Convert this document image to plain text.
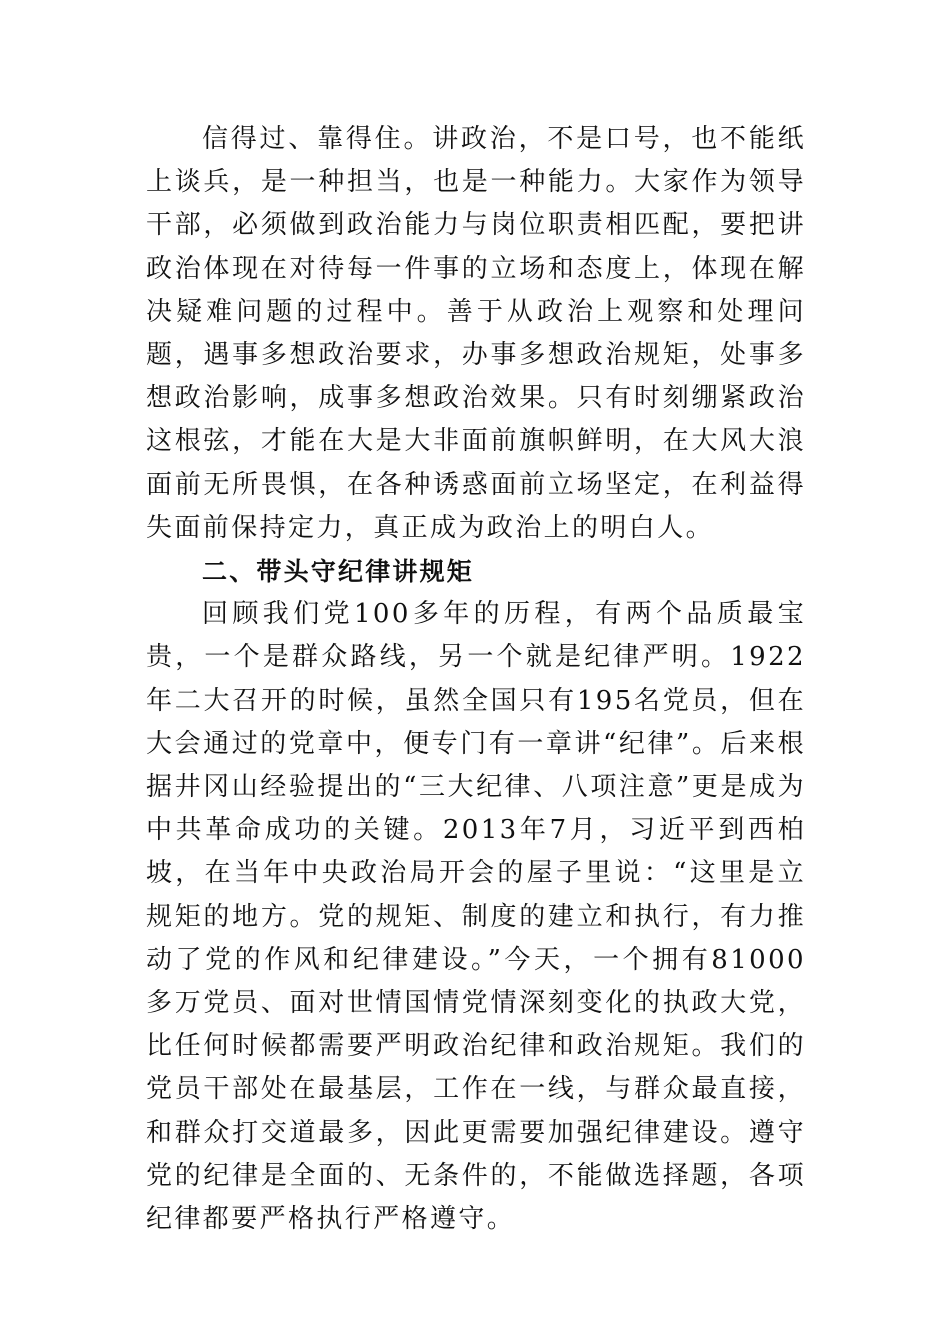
信得过、靠得住。讲政治，不是口号，也不能纸上谈兵，是一种担当，也是一种能力。大家作为领导干部，必须做到政治能力与岗位职责相匹配，要把讲政治体现在对待每一件事的立场和态度上，体现在解决疑难问题的过程中。善于从政治上观察和处理问题，遇事多想政治要求，办事多想政治规矩，处事多想政治影响，成事多想政治效果。只有时刻绷紧政治这根弦，才能在大是大非面前旗帜鲜明，在大风大浪面前无所畏惧，在各种诱惑面前立场坚定，在利益得失面前保持定力，真正成为政治上的明白人。

二、带头守纪律讲规矩

回顾我们党100多年的历程，有两个品质最宝贵，一个是群众路线，另一个就是纪律严明。1922年二大召开的时候，虽然全国只有195名党员，但在大会通过的党章中，便专门有一章讲“纪律”。后来根据井冈山经验提出的“三大纪律、八项注意”更是成为中共革命成功的关键。2013年7月，习近平到西柏坡，在当年中央政治局开会的屋子里说：“这里是立规矩的地方。党的规矩、制度的建立和执行，有力推动了党的作风和纪律建设。”今天，一个拥有81000多万党员、面对世情国情党情深刻变化的执政大党，比任何时候都需要严明政治纪律和政治规矩。我们的党员干部处在最基层，工作在一线，与群众最直接，和群众打交道最多，因此更需要加强纪律建设。遵守党的纪律是全面的、无条件的，不能做选择题，各项纪律都要严格执行严格遵守。
